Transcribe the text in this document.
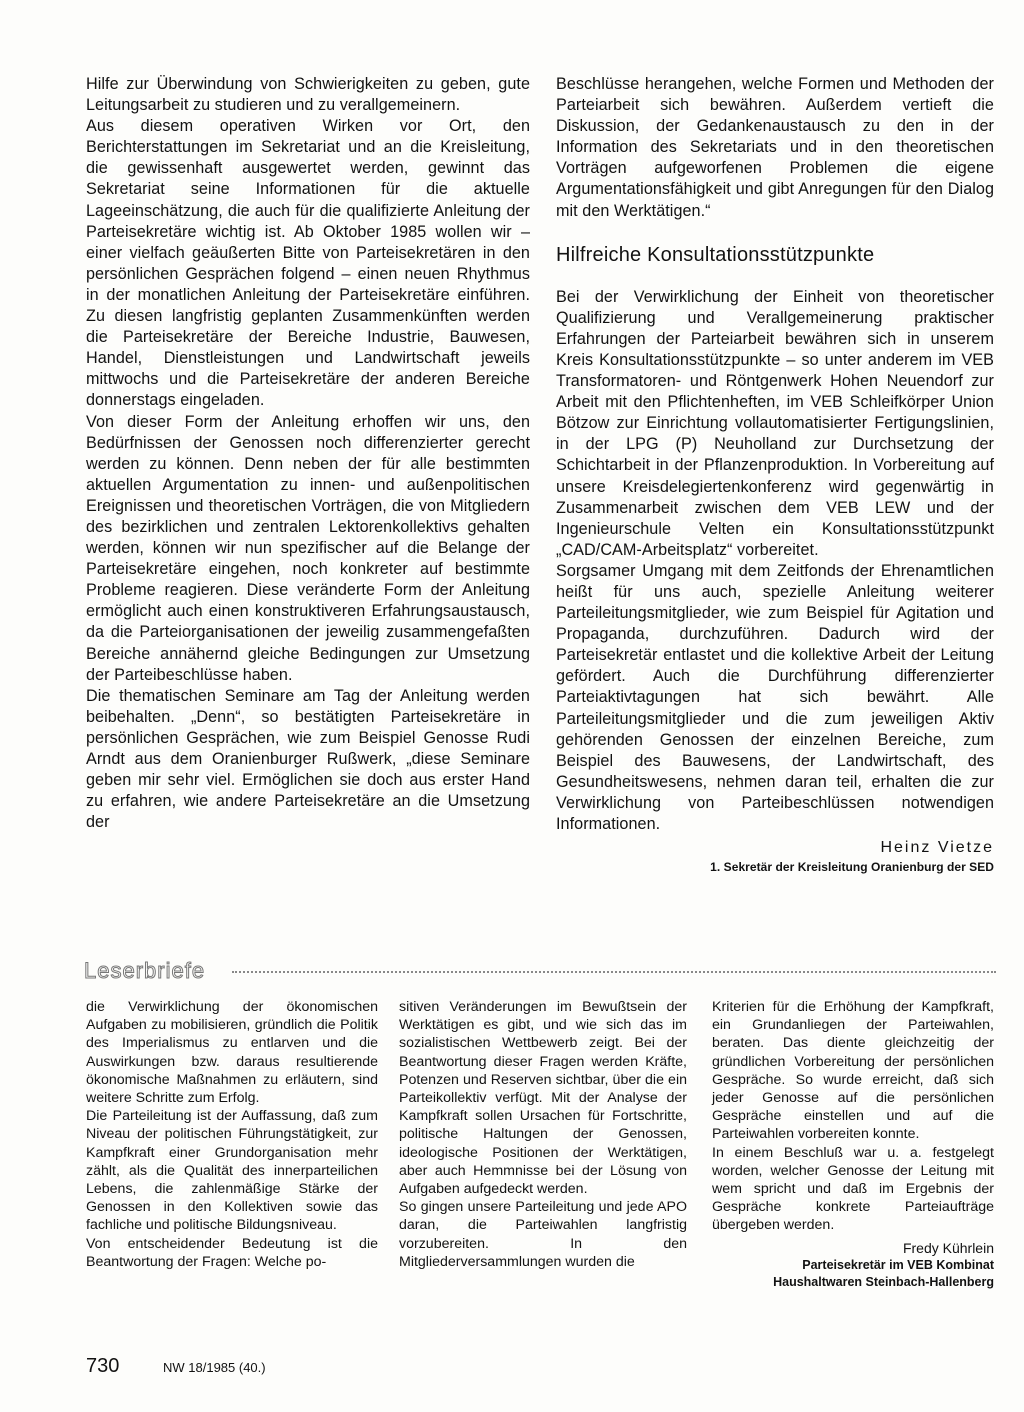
Hilfe zur Überwindung von Schwierigkeiten zu geben, gute Leitungsarbeit zu studieren und zu verallgemeinern.

Aus diesem operativen Wirken vor Ort, den Berichterstattungen im Sekretariat und an die Kreisleitung, die gewissenhaft ausgewertet werden, gewinnt das Sekretariat seine Informationen für die aktuelle Lageeinschätzung, die auch für die qualifizierte Anleitung der Parteisekretäre wichtig ist. Ab Oktober 1985 wollen wir – einer vielfach geäußerten Bitte von Parteisekretären in den persönlichen Gesprächen folgend – einen neuen Rhythmus in der monatlichen Anleitung der Parteisekretäre einführen. Zu diesen langfristig geplanten Zusammenkünften werden die Parteisekretäre der Bereiche Industrie, Bauwesen, Handel, Dienstleistungen und Landwirtschaft jeweils mittwochs und die Parteisekretäre der anderen Bereiche donnerstags eingeladen.

Von dieser Form der Anleitung erhoffen wir uns, den Bedürfnissen der Genossen noch differenzierter gerecht werden zu können. Denn neben der für alle bestimmten aktuellen Argumentation zu innen- und außenpolitischen Ereignissen und theoretischen Vorträgen, die von Mitgliedern des bezirklichen und zentralen Lektorenkollektivs gehalten werden, können wir nun spezifischer auf die Belange der Parteisekretäre eingehen, noch konkreter auf bestimmte Probleme reagieren. Diese veränderte Form der Anleitung ermöglicht auch einen konstruktiveren Erfahrungsaustausch, da die Parteiorganisationen der jeweilig zusammengefaßten Bereiche annähernd gleiche Bedingungen zur Umsetzung der Parteibeschlüsse haben.

Die thematischen Seminare am Tag der Anleitung werden beibehalten. „Denn“, so bestätigten Parteisekretäre in persönlichen Gesprächen, wie zum Beispiel Genosse Rudi Arndt aus dem Oranienburger Rußwerk, „diese Seminare geben mir sehr viel. Ermöglichen sie doch aus erster Hand zu erfahren, wie andere Parteisekretäre an die Umsetzung der

Beschlüsse herangehen, welche Formen und Methoden der Parteiarbeit sich bewähren. Außerdem vertieft die Diskussion, der Gedankenaustausch zu den in der Information des Sekretariats und in den theoretischen Vorträgen aufgeworfenen Problemen die eigene Argumentationsfähigkeit und gibt Anregungen für den Dialog mit den Werktätigen.“

Hilfreiche Konsultationsstützpunkte

Bei der Verwirklichung der Einheit von theoretischer Qualifizierung und Verallgemeinerung praktischer Erfahrungen der Parteiarbeit bewähren sich in unserem Kreis Konsultationsstützpunkte – so unter anderem im VEB Transformatoren- und Röntgenwerk Hohen Neuendorf zur Arbeit mit den Pflichtenheften, im VEB Schleifkörper Union Bötzow zur Einrichtung vollautomatisierter Fertigungslinien, in der LPG (P) Neuholland zur Durchsetzung der Schichtarbeit in der Pflanzenproduktion. In Vorbereitung auf unsere Kreisdelegiertenkonferenz wird gegenwärtig in Zusammenarbeit zwischen dem VEB LEW und der Ingenieurschule Velten ein Konsultationsstützpunkt „CAD/CAM-Arbeitsplatz“ vorbereitet.

Sorgsamer Umgang mit dem Zeitfonds der Ehrenamtlichen heißt für uns auch, spezielle Anleitung weiterer Parteileitungsmitglieder, wie zum Beispiel für Agitation und Propaganda, durchzuführen. Dadurch wird der Parteisekretär entlastet und die kollektive Arbeit der Leitung gefördert. Auch die Durchführung differenzierter Parteiaktivtagungen hat sich bewährt. Alle Parteileitungsmitglieder und die zum jeweiligen Aktiv gehörenden Genossen der einzelnen Bereiche, zum Beispiel des Bauwesens, der Landwirtschaft, des Gesundheitswesens, nehmen daran teil, erhalten die zur Verwirklichung von Parteibeschlüssen notwendigen Informationen.

Heinz Vietze

1. Sekretär der Kreisleitung Oranienburg der SED

Leserbriefe

die Verwirklichung der ökonomischen Aufgaben zu mobilisieren, gründlich die Politik des Imperialismus zu entlarven und die Auswirkungen bzw. daraus resultierende ökonomische Maßnahmen zu erläutern, sind weitere Schritte zum Erfolg.

Die Parteileitung ist der Auffassung, daß zum Niveau der politischen Führungstätigkeit, zur Kampfkraft einer Grundorganisation mehr zählt, als die Qualität des innerparteilichen Lebens, die zahlenmäßige Stärke der Genossen in den Kollektiven sowie das fachliche und politische Bildungsniveau.

Von entscheidender Bedeutung ist die Beantwortung der Fragen: Welche po-

sitiven Veränderungen im Bewußtsein der Werktätigen es gibt, und wie sich das im sozialistischen Wettbewerb zeigt. Bei der Beantwortung dieser Fragen werden Kräfte, Potenzen und Reserven sichtbar, über die ein Parteikollektiv verfügt. Mit der Analyse der Kampfkraft sollen Ursachen für Fortschritte, politische Haltungen der Genossen, ideologische Positionen der Werktätigen, aber auch Hemmnisse bei der Lösung von Aufgaben aufgedeckt werden.

So gingen unsere Parteileitung und jede APO daran, die Parteiwahlen langfristig vorzubereiten. In den Mitgliederversammlungen wurden die

Kriterien für die Erhöhung der Kampfkraft, ein Grundanliegen der Parteiwahlen, beraten. Das diente gleichzeitig der gründlichen Vorbereitung der persönlichen Gespräche. So wurde erreicht, daß sich jeder Genosse auf die persönlichen Gespräche einstellen und auf die Parteiwahlen vorbereiten konnte.

In einem Beschluß war u. a. festgelegt worden, welcher Genosse der Leitung mit wem spricht und daß im Ergebnis der Gespräche konkrete Parteiaufträge übergeben werden.

Fredy Kührlein

Parteisekretär im VEB Kombinat

Haushaltwaren Steinbach-Hallenberg

730	NW 18/1985 (40.)
